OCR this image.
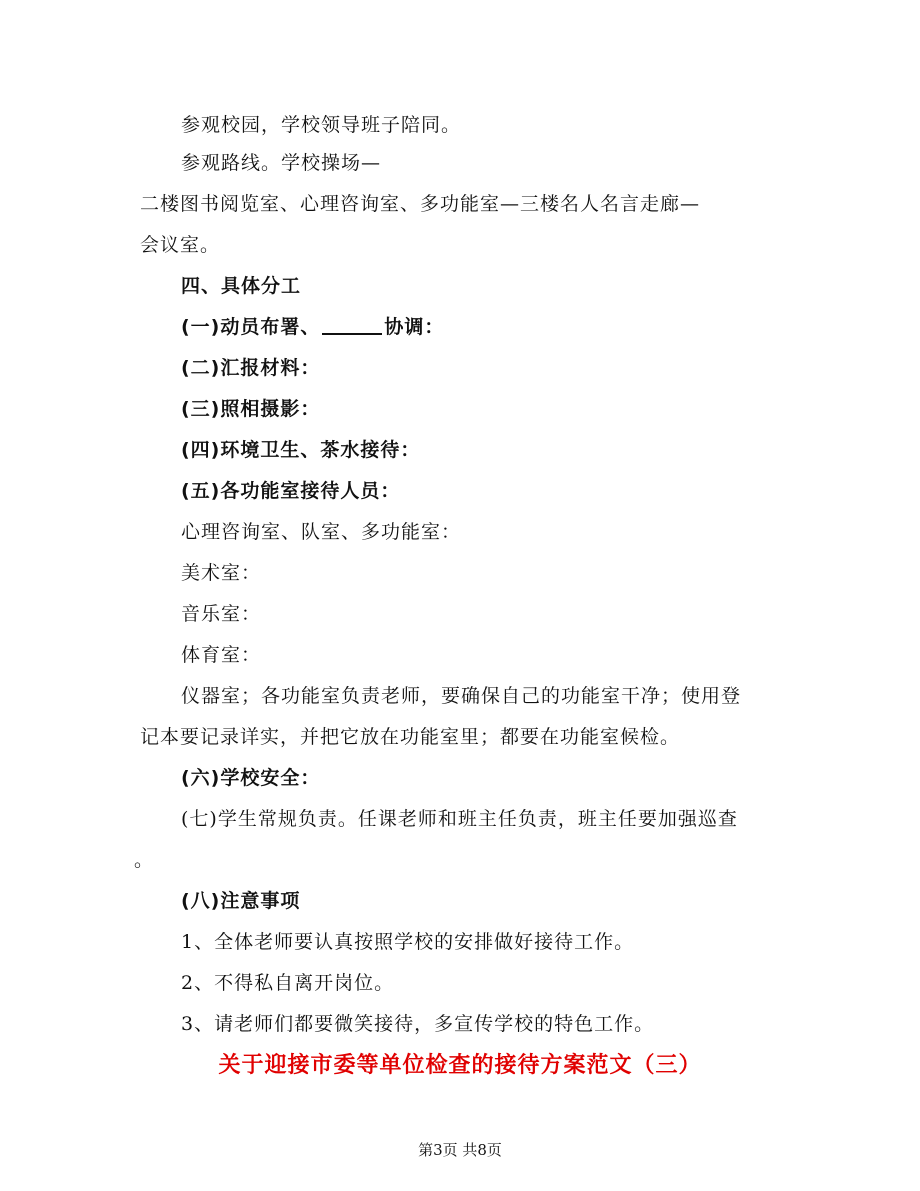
参观校园，学校领导班子陪同。
参观路线。学校操场—
二楼图书阅览室、心理咨询室、多功能室—三楼名人名言走廊—
会议室。
四、具体分工
(一)动员布署、	协调：
(二)汇报材料：
(三)照相摄影：
(四)环境卫生、茶水接待：
(五)各功能室接待人员：
心理咨询室、队室、多功能室：
美术室：
音乐室：
体育室：
仪器室；各功能室负责老师，要确保自己的功能室干净；使用登
记本要记录详实，并把它放在功能室里；都要在功能室候检。
(六)学校安全：
(七)学生常规负责。任课老师和班主任负责，班主任要加强巡查
。
(八)注意事项
1、全体老师要认真按照学校的安排做好接待工作。
2、不得私自离开岗位。
3、请老师们都要微笑接待，多宣传学校的特色工作。
关于迎接市委等单位检查的接待方案范文（三）
第3页 共8页
